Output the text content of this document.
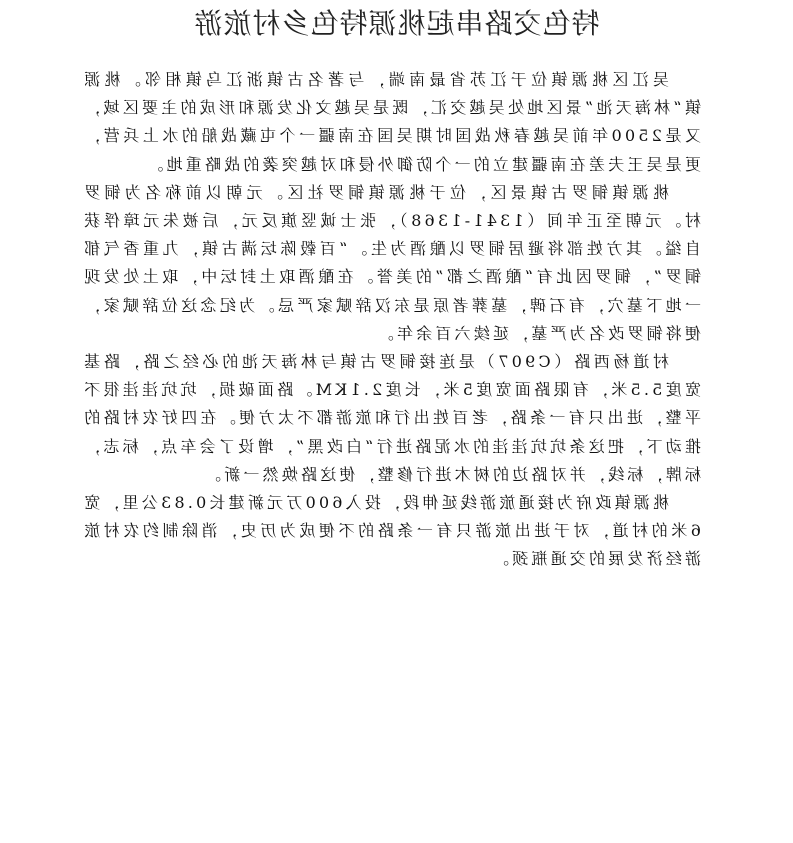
特色交路串起桃源特色乡村旅游

吴江区桃源镇位于江苏省最南端，与著名古镇浙江乌镇相邻。桃源镇“林海天池”景区地处吴越交汇，既是吴越文化发源和形成的主要区域，又是2500年前吴越春秋战国时期吴国在南疆一个屯藏战船的水上兵营，更是吴王夫差在南疆建立的一个防御外侵和对越突袭的战略重地。

桃源镇铜罗古镇景区，位于桃源镇铜罗社区。元朝以前称名为铜罗村。元朝至正年间（1341-1368），张士诚竖旗反元，后被朱元璋俘获自缢。其方姓部将避居铜罗以酿酒为生。“百毂陈坛满古镇，九重香气郁铜罗”，铜罗因此有“酿酒之都”的美誉。在酿酒取土封坛中，取土处发现一地下墓穴，有石碑，墓葬者原是东汉辞赋家严忌。为纪念这位辞赋家，便将铜罗改名为严墓，延续六百余年。

村道杨西路（C907）是连接铜罗古镇与林海天池的必经之路，路基宽度5.5米，有限路面宽度5米，长度2.1KM。路面破损，坑坑洼洼很不平整，进出只有一条路，老百姓出行和旅游都不太方便。在四好农村路的推动下，把这条坑坑洼洼的水泥路进行“白改黑”，增设了会车点，标志，标牌，标线，并对路边的树木进行修整，使这路焕然一新。

桃源镇政府为接通旅游线延伸段，投入600万元新建长0.83公里，宽6米的村道，对于进出旅游只有一条路的不便成为历史，消除制约农村旅游经济发展的交通瓶颈。
